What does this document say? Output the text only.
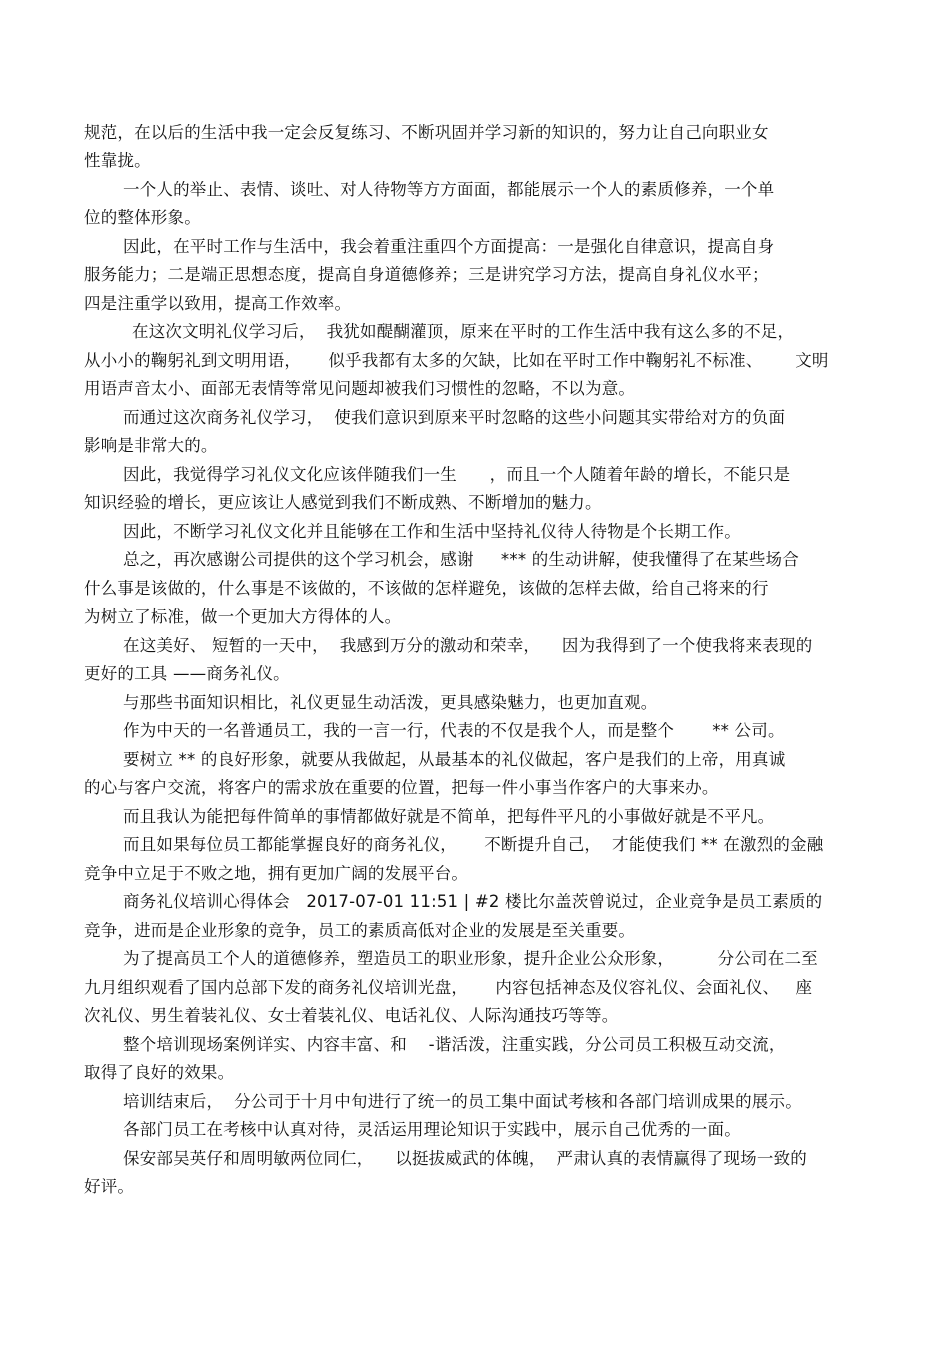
规范，在以后的生活中我一定会反复练习、不断巩固并学习新的知识的，努力让自己向职业女
性靠拢。
一个人的举止、表情、谈吐、对人待物等方方面面，都能展示一个人的素质修养，一个单
位的整体形象。
因此，在平时工作与生活中，我会着重注重四个方面提高：一是强化自律意识，提高自身
服务能力；二是端正思想态度，提高自身道德修养；三是讲究学习方法，提高自身礼仪水平；
四是注重学以致用，提高工作效率。
在这次文明礼仪学习后，  我犹如醍醐灌顶，原来在平时的工作生活中我有这么多的不足，
从小小的鞠躬礼到文明用语，     似乎我都有太多的欠缺，比如在平时工作中鞠躬礼不标准、      文明
用语声音太小、面部无表情等常见问题却被我们习惯性的忽略，不以为意。
而通过这次商务礼仪学习，  使我们意识到原来平时忽略的这些小问题其实带给对方的负面
影响是非常大的。
因此，我觉得学习礼仪文化应该伴随我们一生      ，而且一个人随着年龄的增长，不能只是
知识经验的增长，更应该让人感觉到我们不断成熟、不断增加的魅力。
因此，不断学习礼仪文化并且能够在工作和生活中坚持礼仪待人待物是个长期工作。
总之，再次感谢公司提供的这个学习机会，感谢     *** 的生动讲解，使我懂得了在某些场合
什么事是该做的，什么事是不该做的，不该做的怎样避免，该做的怎样去做，给自己将来的行
为树立了标准，做一个更加大方得体的人。
在这美好、 短暂的一天中，  我感到万分的激动和荣幸，    因为我得到了一个使我将来表现的
更好的工具 ——商务礼仪。
与那些书面知识相比，礼仪更显生动活泼，更具感染魅力，也更加直观。
作为中天的一名普通员工，我的一言一行，代表的不仅是我个人，而是整个       ** 公司。
要树立 ** 的良好形象，就要从我做起，从最基本的礼仪做起，客户是我们的上帝，用真诚
的心与客户交流，将客户的需求放在重要的位置，把每一件小事当作客户的大事来办。
而且我认为能把每件简单的事情都做好就是不简单，把每件平凡的小事做好就是不平凡。
而且如果每位员工都能掌握良好的商务礼仪，     不断提升自己，  才能使我们 ** 在激烈的金融
竞争中立足于不败之地，拥有更加广阔的发展平台。
商务礼仪培训心得体会   2017-07-01 11:51 | #2 楼比尔盖茨曾说过，企业竞争是员工素质的
竞争，进而是企业形象的竞争，员工的素质高低对企业的发展是至关重要。
为了提高员工个人的道德修养，塑造员工的职业形象，提升企业公众形象，        分公司在二至
九月组织观看了国内总部下发的商务礼仪培训光盘，     内容包括神态及仪容礼仪、会面礼仪、   座
次礼仪、男生着装礼仪、女士着装礼仪、电话礼仪、人际沟通技巧等等。
整个培训现场案例详实、内容丰富、和    -谐活泼，注重实践，分公司员工积极互动交流，
取得了良好的效果。
培训结束后，  分公司于十月中旬进行了统一的员工集中面试考核和各部门培训成果的展示。
各部门员工在考核中认真对待，灵活运用理论知识于实践中，展示自己优秀的一面。
保安部吴英仔和周明敏两位同仁，    以挺拔威武的体魄，  严肃认真的表情赢得了现场一致的
好评。
